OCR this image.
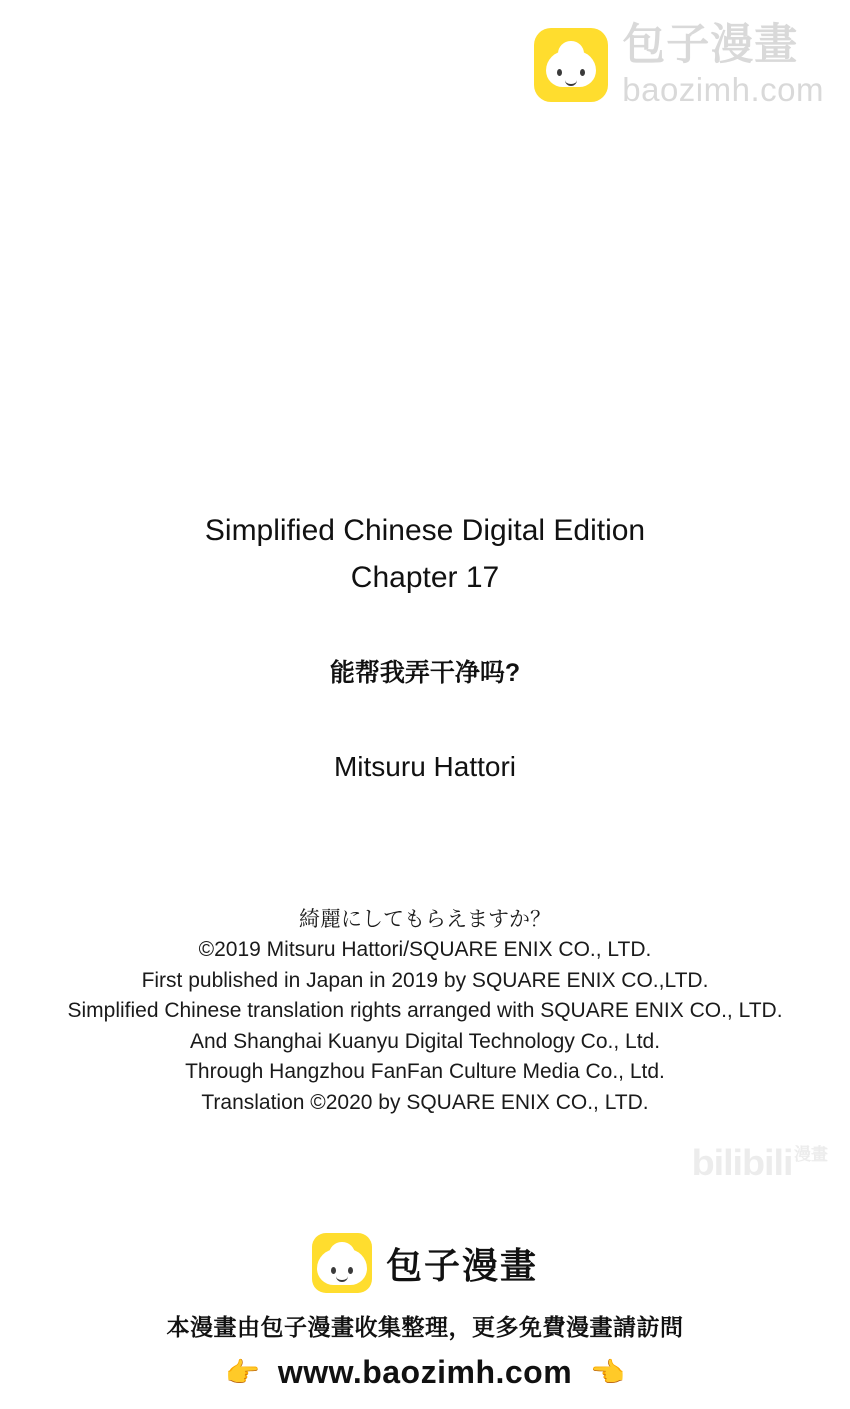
包子漫畫
baozimh.com
Simplified Chinese Digital Edition
Chapter 17
能帮我弄干净吗?
Mitsuru Hattori
綺麗にしてもらえますか？
©2019 Mitsuru Hattori/SQUARE ENIX CO., LTD.
First published in Japan in 2019 by SQUARE ENIX CO.,LTD.
Simplified Chinese translation rights arranged with SQUARE ENIX CO., LTD.
And Shanghai Kuanyu Digital Technology Co., Ltd.
Through Hangzhou FanFan Culture Media Co., Ltd.
Translation ©2020 by SQUARE ENIX CO., LTD.
bilibili 漫畫
包子漫畫
本漫畫由包子漫畫收集整理，更多免費漫畫請訪問
👉 www.baozimh.com 👈
